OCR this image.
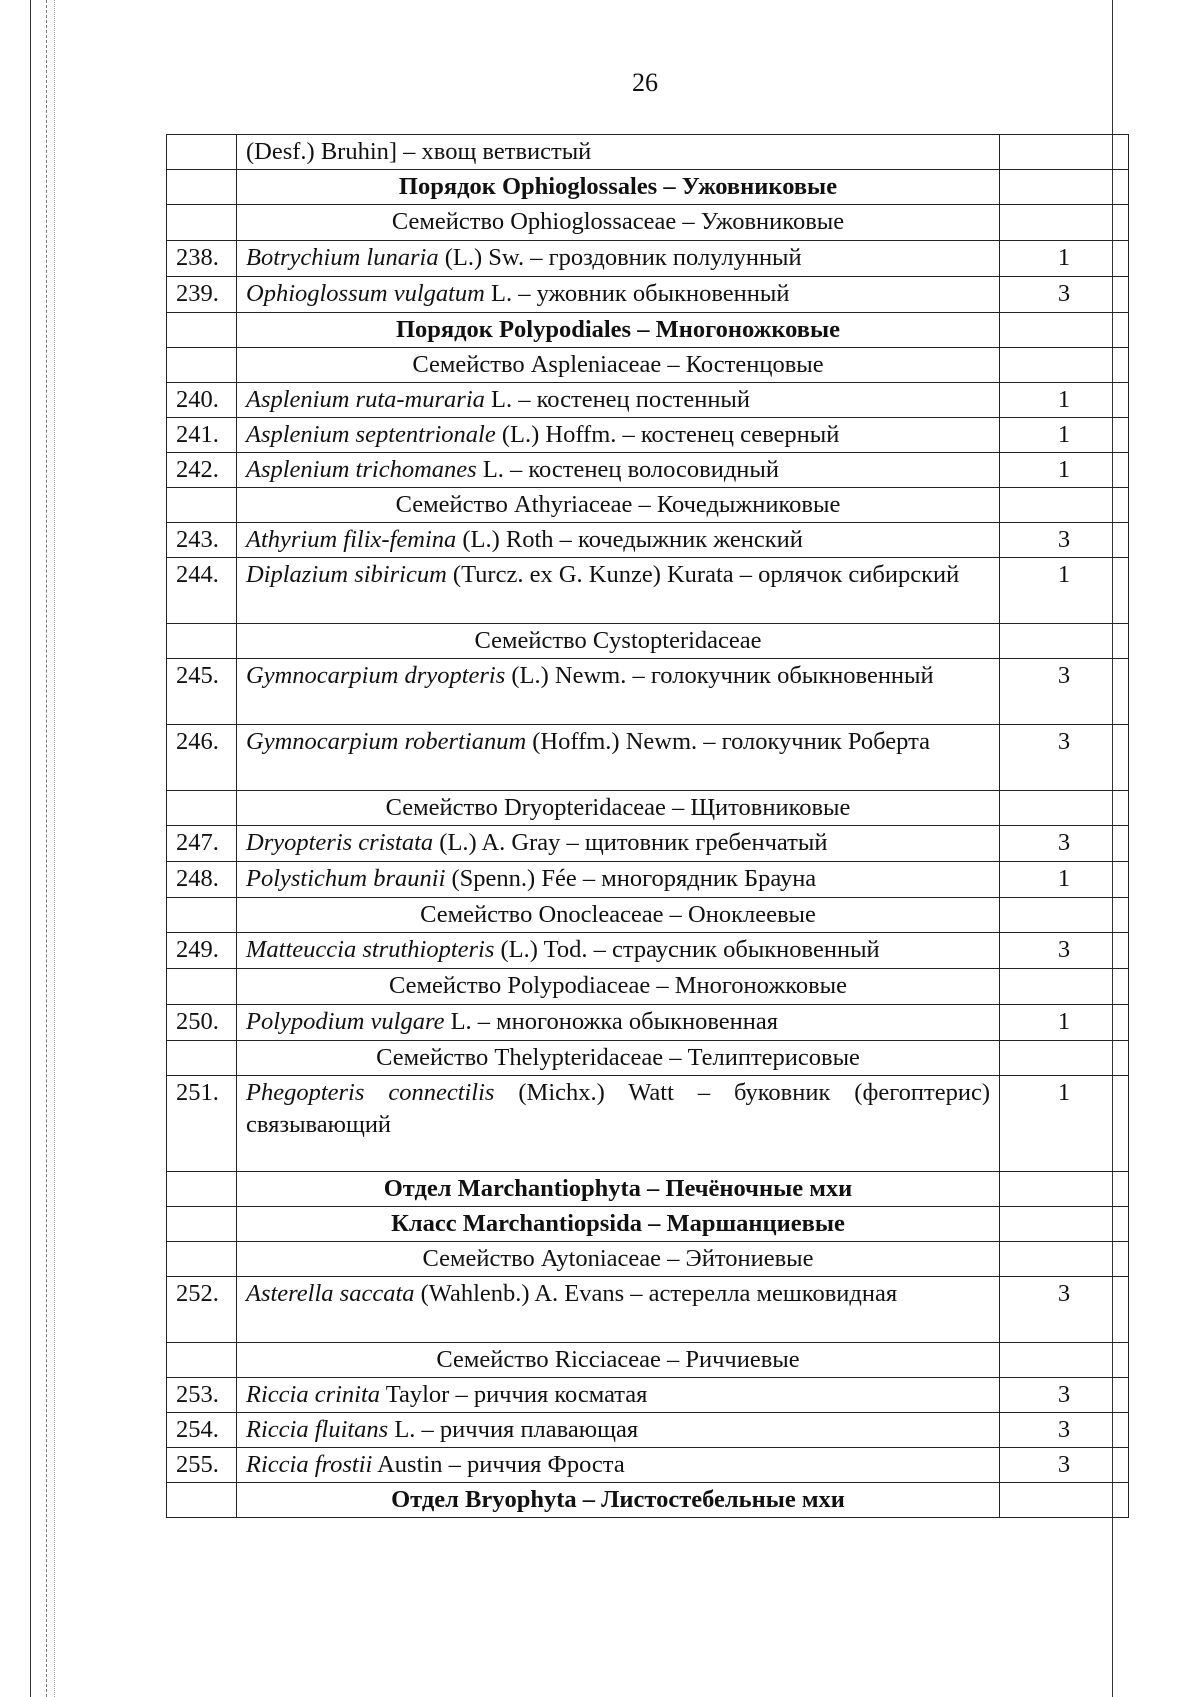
26
	(Desf.) Bruhin] – хвощ ветвистый	
	Порядок Ophioglossales – Ужовниковые	
	Семейство Ophioglossaceae – Ужовниковые	
238.	Botrychium lunaria (L.) Sw. – гроздовник полулунный	1
239.	Ophioglossum vulgatum L. – ужовник обыкновенный	3
	Порядок Polypodiales – Многоножковые	
	Семейство Aspleniaceae – Костенцовые	
240.	Asplenium ruta-muraria L. – костенец постенный	1
241.	Asplenium septentrionale (L.) Hoffm. – костенец северный	1
242.	Asplenium trichomanes L. – костенец волосовидный	1
	Семейство Athyriaceae – Кочедыжниковые	
243.	Athyrium filix-femina (L.) Roth – кочедыжник женский	3
244.	Diplazium sibiricum (Turcz. ex G. Kunze) Kurata – орлячок сибирский	1
	Семейство Cystopteridaceae	
245.	Gymnocarpium dryopteris (L.) Newm. – голокучник обыкновенный	3
246.	Gymnocarpium robertianum (Hoffm.) Newm. – голокучник Роберта	3
	Семейство Dryopteridaceae – Щитовниковые	
247.	Dryopteris cristata (L.) A. Gray – щитовник гребенчатый	3
248.	Polystichum braunii (Spenn.) Fée – многорядник Брауна	1
	Семейство Onocleaceae – Оноклеевые	
249.	Matteuccia struthiopteris (L.) Tod. – страусник обыкновенный	3
	Семейство Polypodiaceae – Многоножковые	
250.	Polypodium vulgare L. – многоножка обыкновенная	1
	Семейство Thelypteridaceae – Телиптерисовые	
251.	Phegopteris connectilis (Michx.) Watt – буковник (фегоптерис) связывающий	1
	Отдел Marchantiophyta – Печёночные мхи	
	Класс Marchantiopsida – Маршанциевые	
	Семейство Aytoniaceae – Эйтониевые	
252.	Asterella saccata (Wahlenb.) A. Evans – астерелла мешковидная	3
	Семейство Ricciaceae – Риччиевые	
253.	Riccia crinita Taylor – риччия косматая	3
254.	Riccia fluitans L. – риччия плавающая	3
255.	Riccia frostii Austin – риччия Фроста	3
	Отдел Bryophyta – Листостебельные мхи	
